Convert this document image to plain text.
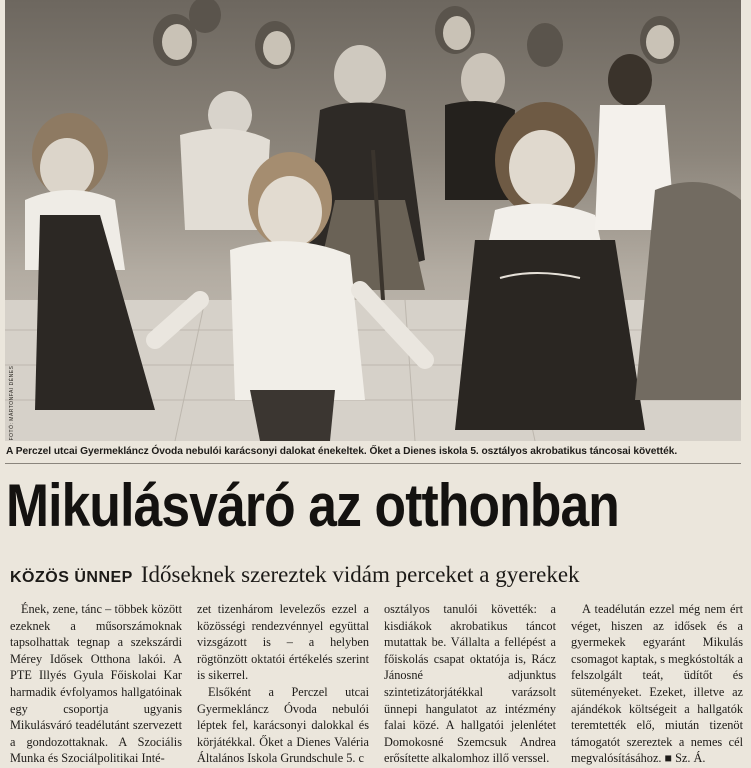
FOTÓ: MÁRTONFAI DÉNES
A Perczel utcai Gyermekláncz Óvoda nebulói karácsonyi dalokat énekeltek. Őket a Dienes iskola 5. osztályos akrobatikus táncosai követték.
Mikulásváró az otthonban
KÖZÖS ÜNNEP Időseknek szereztek vidám perceket a gyerekek

Ének, zene, tánc – többek között ezeknek a műsorszámoknak tapsolhattak tegnap a szekszárdi Mérey Idősek Otthona lakói. A PTE Illyés Gyula Főiskolai Kar harmadik évfolyamos hallgatóinak egy csoportja ugyanis Mikulásváró teadélutánt szervezett a gondozottaknak. A Szociális Munka és Szociálpolitikai Inté-

zet tizenhárom levelezős ezzel a közösségi rendezvénnyel együttal vizsgázott is – a helyben rögtönzött oktatói értékelés szerint is sikerrel.

Elsőként a Perczel utcai Gyermekláncz Óvoda nebulói léptek fel, karácsonyi dalokkal és körjátékkal. Őket a Dienes Valéria Általános Iskola Grundschule 5. c

osztályos tanulói követték: a kisdiákok akrobatikus táncot mutattak be. Vállalta a fellépést a főiskolás csapat oktatója is, Rácz Jánosné adjunktus szintetizátorjátékkal varázsolt ünnepi hangulatot az intézmény falai közé. A hallgatói jelenlétet Domokosné Szemcsuk Andrea erősítette alkalomhoz illő verssel.

A teadélután ezzel még nem ért véget, hiszen az idősek és a gyermekek egyaránt Mikulás csomagot kaptak, s megkóstolták a felszolgált teát, üdítőt és süteményeket. Ezeket, illetve az ajándékok költségeit a hallgatók teremtették elő, miután tizenöt támogatót szereztek a nemes cél megvalósításához. ■ Sz. Á.
